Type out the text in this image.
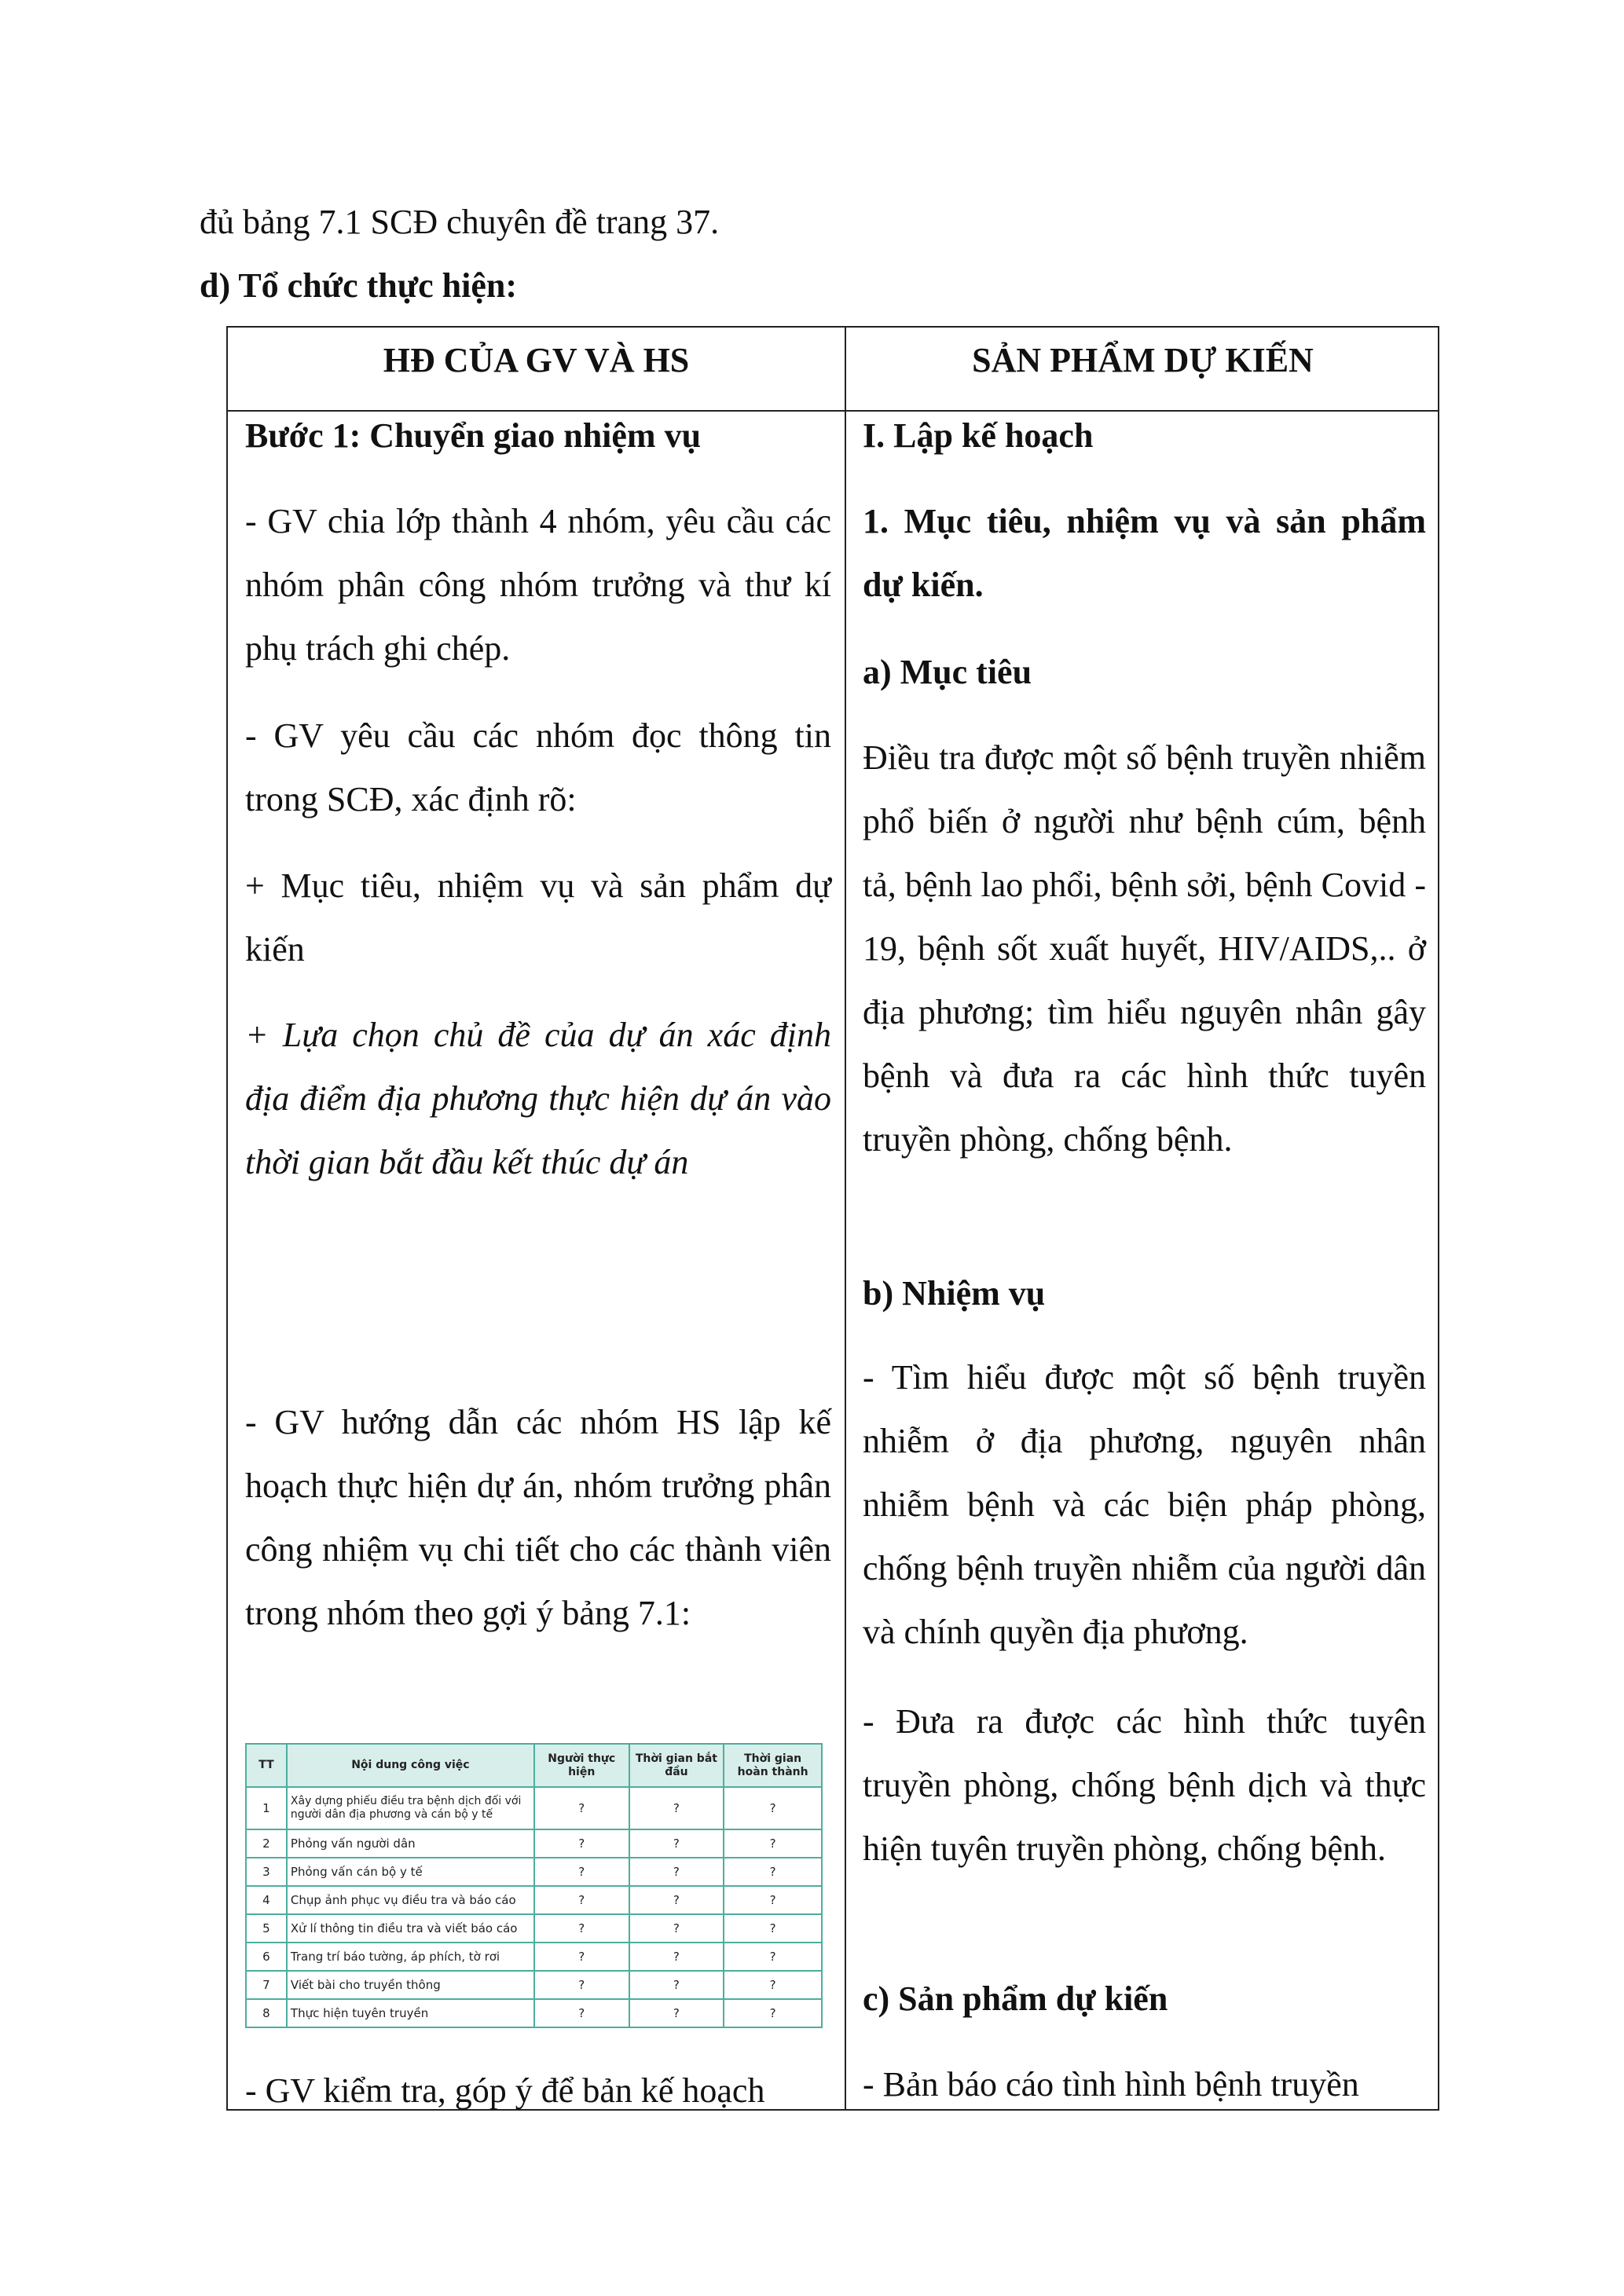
đủ bảng 7.1 SCĐ chuyên đề trang 37.
d) Tổ chức thực hiện:
HĐ CỦA GV VÀ HS	SẢN PHẨM DỰ KIẾN

Bước 1: Chuyển giao nhiệm vụ

- GV chia lớp thành 4 nhóm, yêu cầu các nhóm phân công nhóm trưởng và thư kí phụ trách ghi chép.

- GV yêu cầu các nhóm đọc thông tin trong SCĐ, xác định rõ:

+ Mục tiêu, nhiệm vụ và sản phẩm dự kiến

+ Lựa chọn chủ đề của dự án xác định địa điểm địa phương thực hiện dự án vào thời gian bắt đầu kết thúc dự án

- GV hướng dẫn các nhóm HS lập kế hoạch thực hiện dự án, nhóm trưởng phân công nhiệm vụ chi tiết cho các thành viên trong nhóm theo gợi ý bảng 7.1:

TT	Nội dung công việc	Người thực hiện	Thời gian bắt đầu	Thời gian hoàn thành
1	Xây dựng phiếu điều tra bệnh dịch đối với người dân địa phương và cán bộ y tế	?	?	?
2	Phỏng vấn người dân	?	?	?
3	Phỏng vấn cán bộ y tế	?	?	?
4	Chụp ảnh phục vụ điều tra và báo cáo	?	?	?
5	Xử lí thông tin điều tra và viết báo cáo	?	?	?
6	Trang trí báo tường, áp phích, tờ rơi	?	?	?
7	Viết bài cho truyền thông	?	?	?
8	Thực hiện tuyên truyền	?	?	?

- GV kiểm tra, góp ý để bản kế hoạch

I. Lập kế hoạch

1. Mục tiêu, nhiệm vụ và sản phẩm dự kiến.

a) Mục tiêu

Điều tra được một số bệnh truyền nhiễm phổ biến ở người như bệnh cúm, bệnh tả, bệnh lao phổi, bệnh sởi, bệnh Covid - 19, bệnh sốt xuất huyết, HIV/AIDS,.. ở địa phương; tìm hiểu nguyên nhân gây bệnh và đưa ra các hình thức tuyên truyền phòng, chống bệnh.

b) Nhiệm vụ

- Tìm hiểu được một số bệnh truyền nhiễm ở địa phương, nguyên nhân nhiễm bệnh và các biện pháp phòng, chống bệnh truyền nhiễm của người dân và chính quyền địa phương.

- Đưa ra được các hình thức tuyên truyền phòng, chống bệnh dịch và thực hiện tuyên truyền phòng, chống bệnh.

c) Sản phẩm dự kiến

- Bản báo cáo tình hình bệnh truyền
